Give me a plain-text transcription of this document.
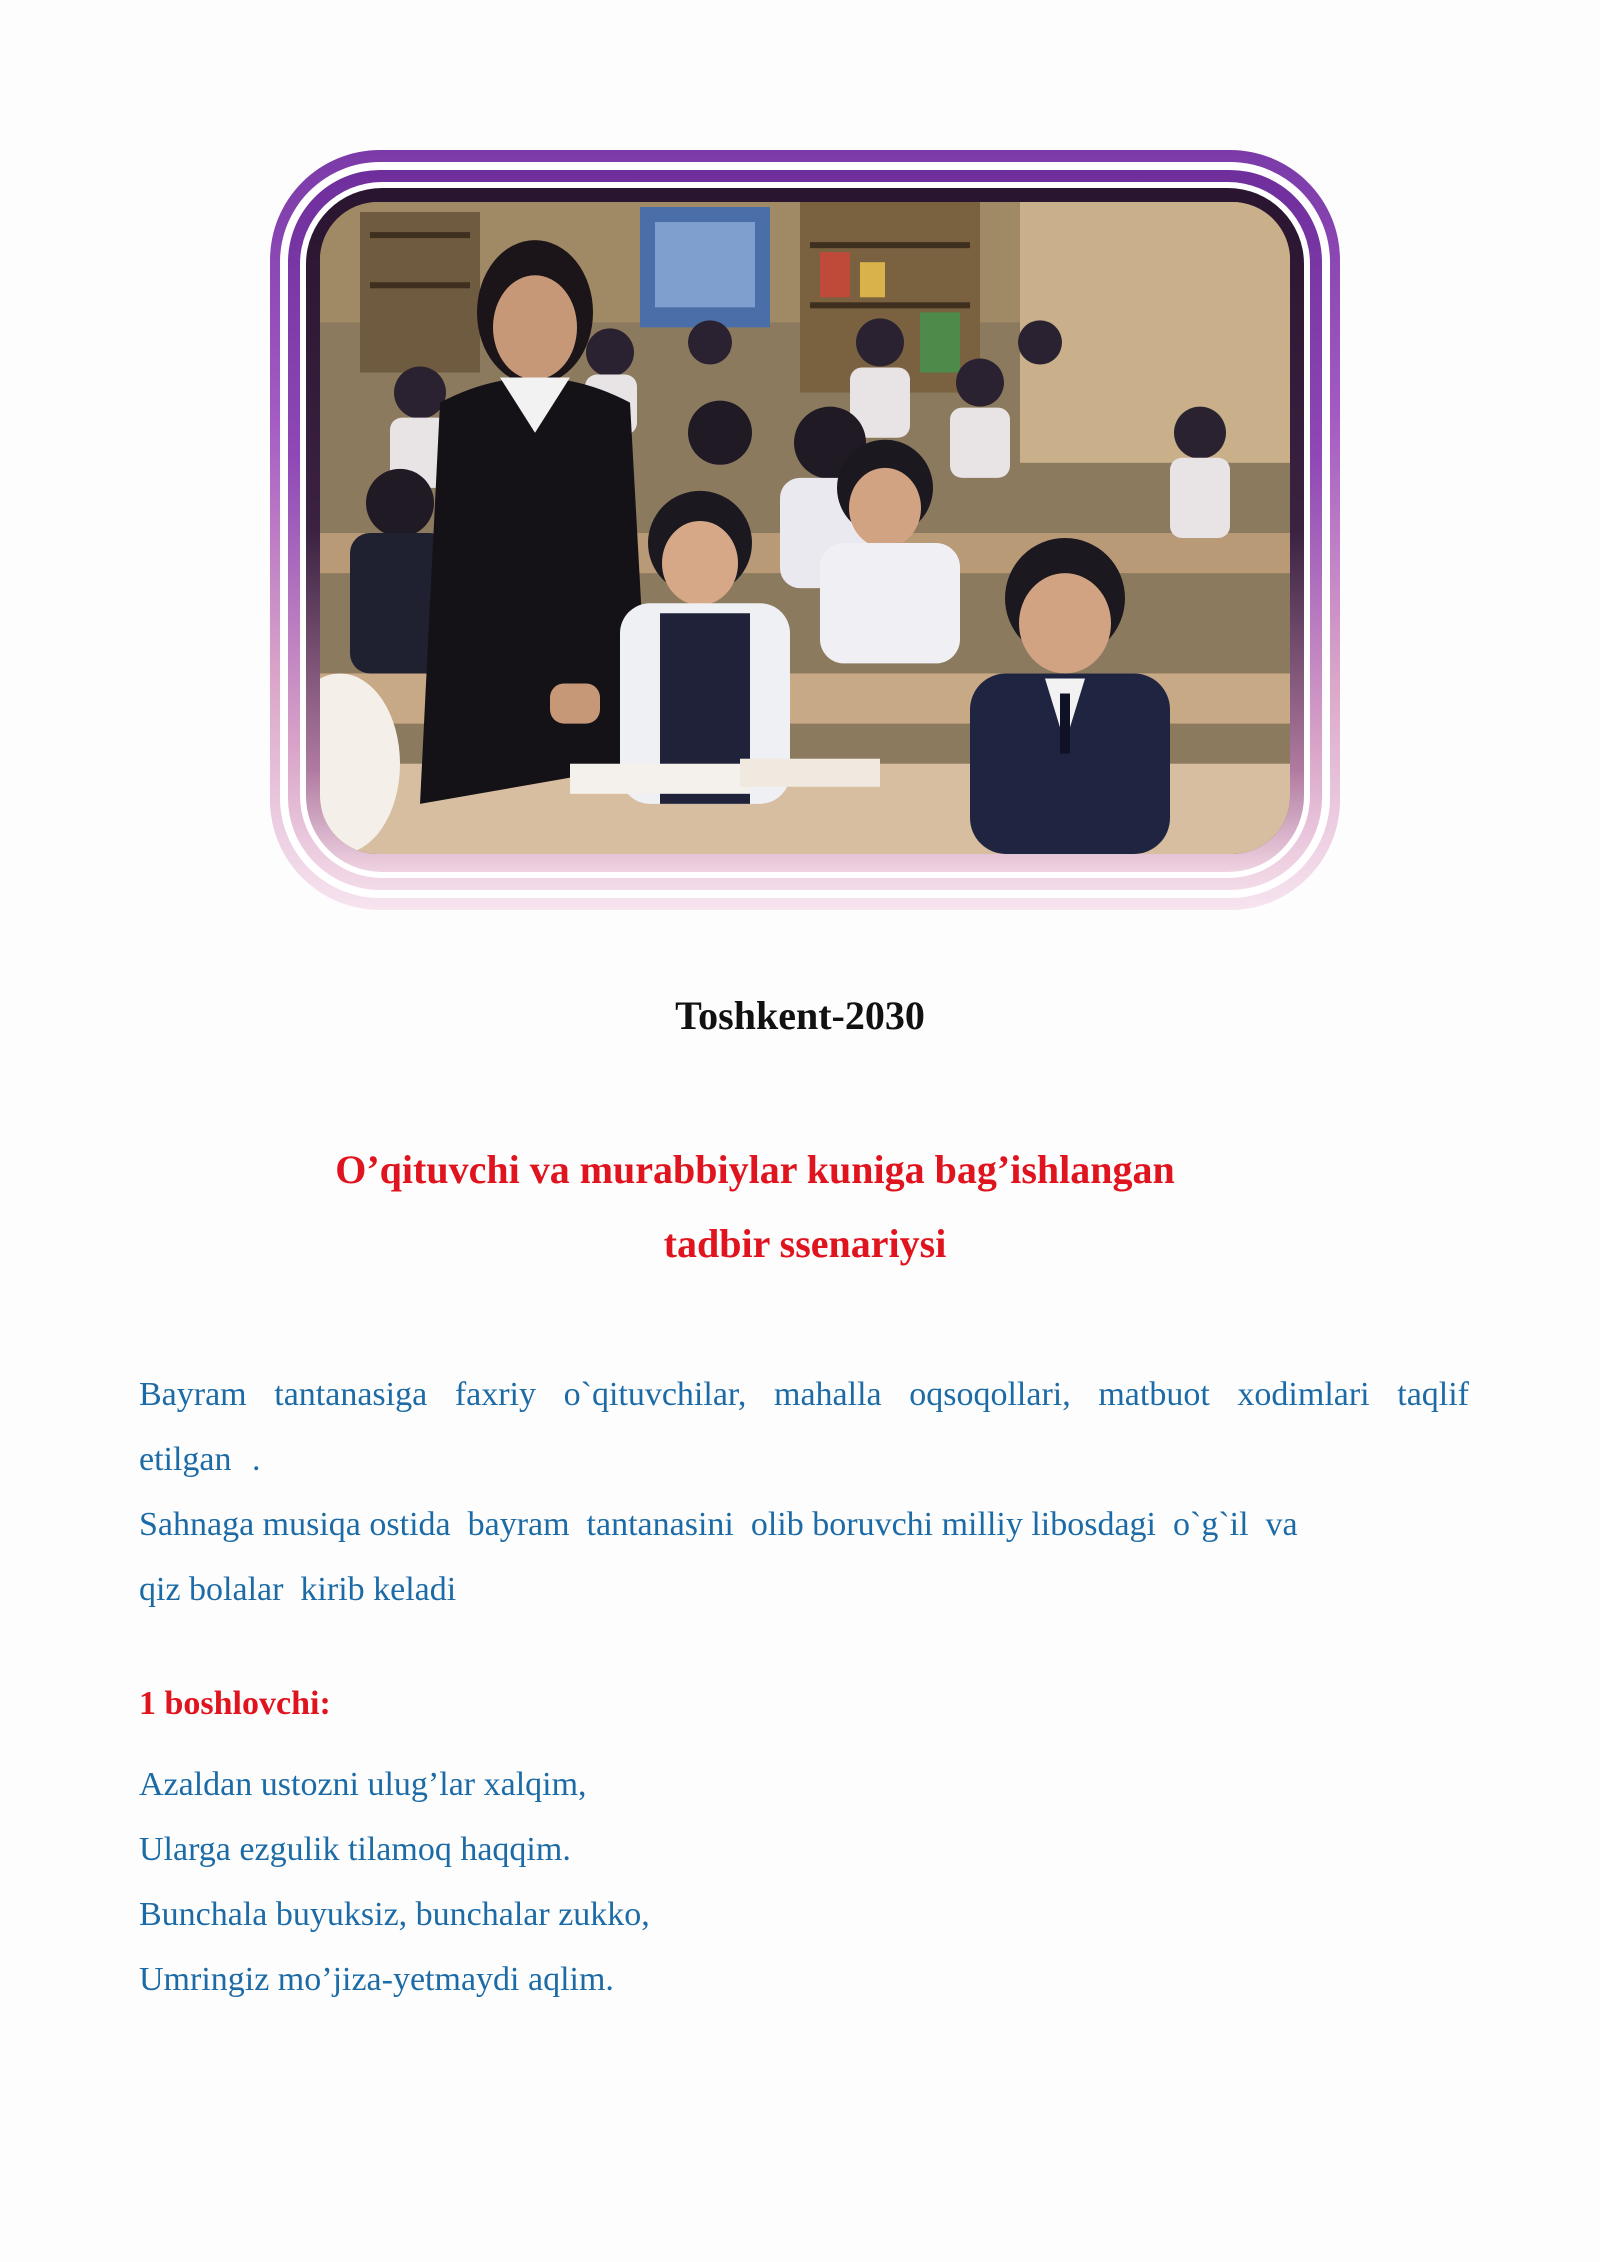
Toshkent-2030
O’qituvchi va murabbiylar kuniga bag’ishlangan
tadbir ssenariysi
Bayram tantanasiga faxriy o`qituvchilar, mahalla oqsoqollari, matbuot xodimlari taqlif etilgan .
Sahnaga musiqa ostida  bayram  tantanasini  olib boruvchi milliy libosdagi  o`g`il  va
qiz bolalar  kirib keladi
1 boshlovchi:
Azaldan ustozni ulug’lar xalqim,
Ularga ezgulik tilamoq haqqim.
Bunchala buyuksiz, bunchalar zukko,
Umringiz mo’jiza-yetmaydi aqlim.
